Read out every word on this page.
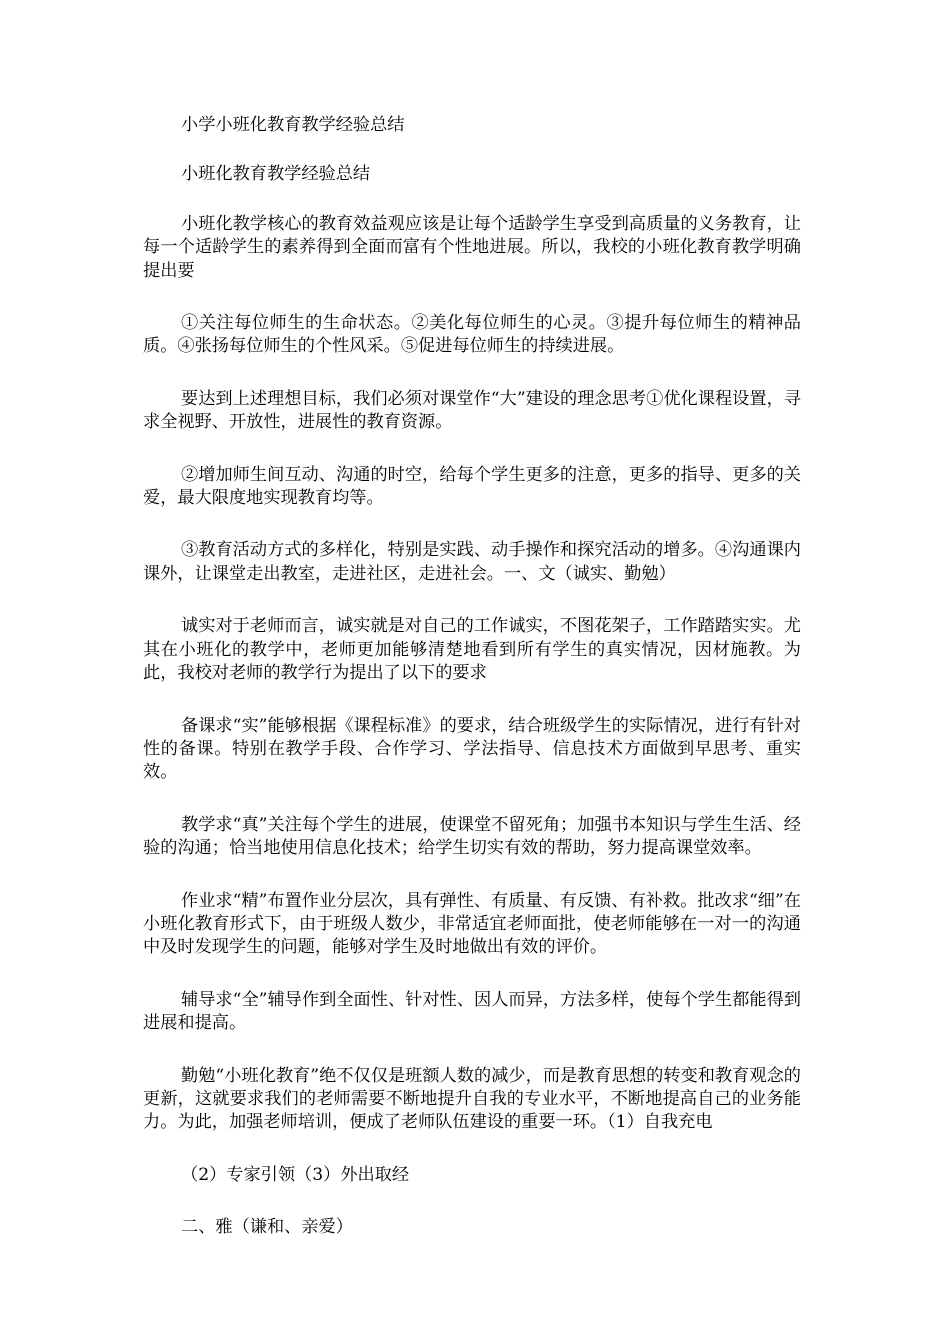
小学小班化教育教学经验总结

小班化教育教学经验总结

小班化教学核心的教育效益观应该是让每个适龄学生享受到高质量的义务教育，让每一个适龄学生的素养得到全面而富有个性地进展。所以，我校的小班化教育教学明确提出要

①关注每位师生的生命状态。②美化每位师生的心灵。③提升每位师生的精神品质。④张扬每位师生的个性风采。⑤促进每位师生的持续进展。

要达到上述理想目标，我们必须对课堂作“大”建设的理念思考①优化课程设置，寻求全视野、开放性，进展性的教育资源。

②增加师生间互动、沟通的时空，给每个学生更多的注意，更多的指导、更多的关爱，最大限度地实现教育均等。

③教育活动方式的多样化，特别是实践、动手操作和探究活动的增多。④沟通课内课外，让课堂走出教室，走进社区，走进社会。一、文（诚实、勤勉）

诚实对于老师而言，诚实就是对自己的工作诚实，不图花架子，工作踏踏实实。尤其在小班化的教学中，老师更加能够清楚地看到所有学生的真实情况，因材施教。为此，我校对老师的教学行为提出了以下的要求

备课求“实”能够根据《课程标准》的要求，结合班级学生的实际情况，进行有针对性的备课。特别在教学手段、合作学习、学法指导、信息技术方面做到早思考、重实效。

教学求“真”关注每个学生的进展，使课堂不留死角；加强书本知识与学生生活、经验的沟通；恰当地使用信息化技术；给学生切实有效的帮助，努力提高课堂效率。

作业求“精”布置作业分层次，具有弹性、有质量、有反馈、有补救。批改求“细”在小班化教育形式下，由于班级人数少，非常适宜老师面批，使老师能够在一对一的沟通中及时发现学生的问题，能够对学生及时地做出有效的评价。

辅导求“全”辅导作到全面性、针对性、因人而异，方法多样，使每个学生都能得到进展和提高。

勤勉“小班化教育”绝不仅仅是班额人数的减少，而是教育思想的转变和教育观念的更新，这就要求我们的老师需要不断地提升自我的专业水平，不断地提高自己的业务能力。为此，加强老师培训，便成了老师队伍建设的重要一环。（1）自我充电

（2）专家引领（3）外出取经

二、雅（谦和、亲爱）
